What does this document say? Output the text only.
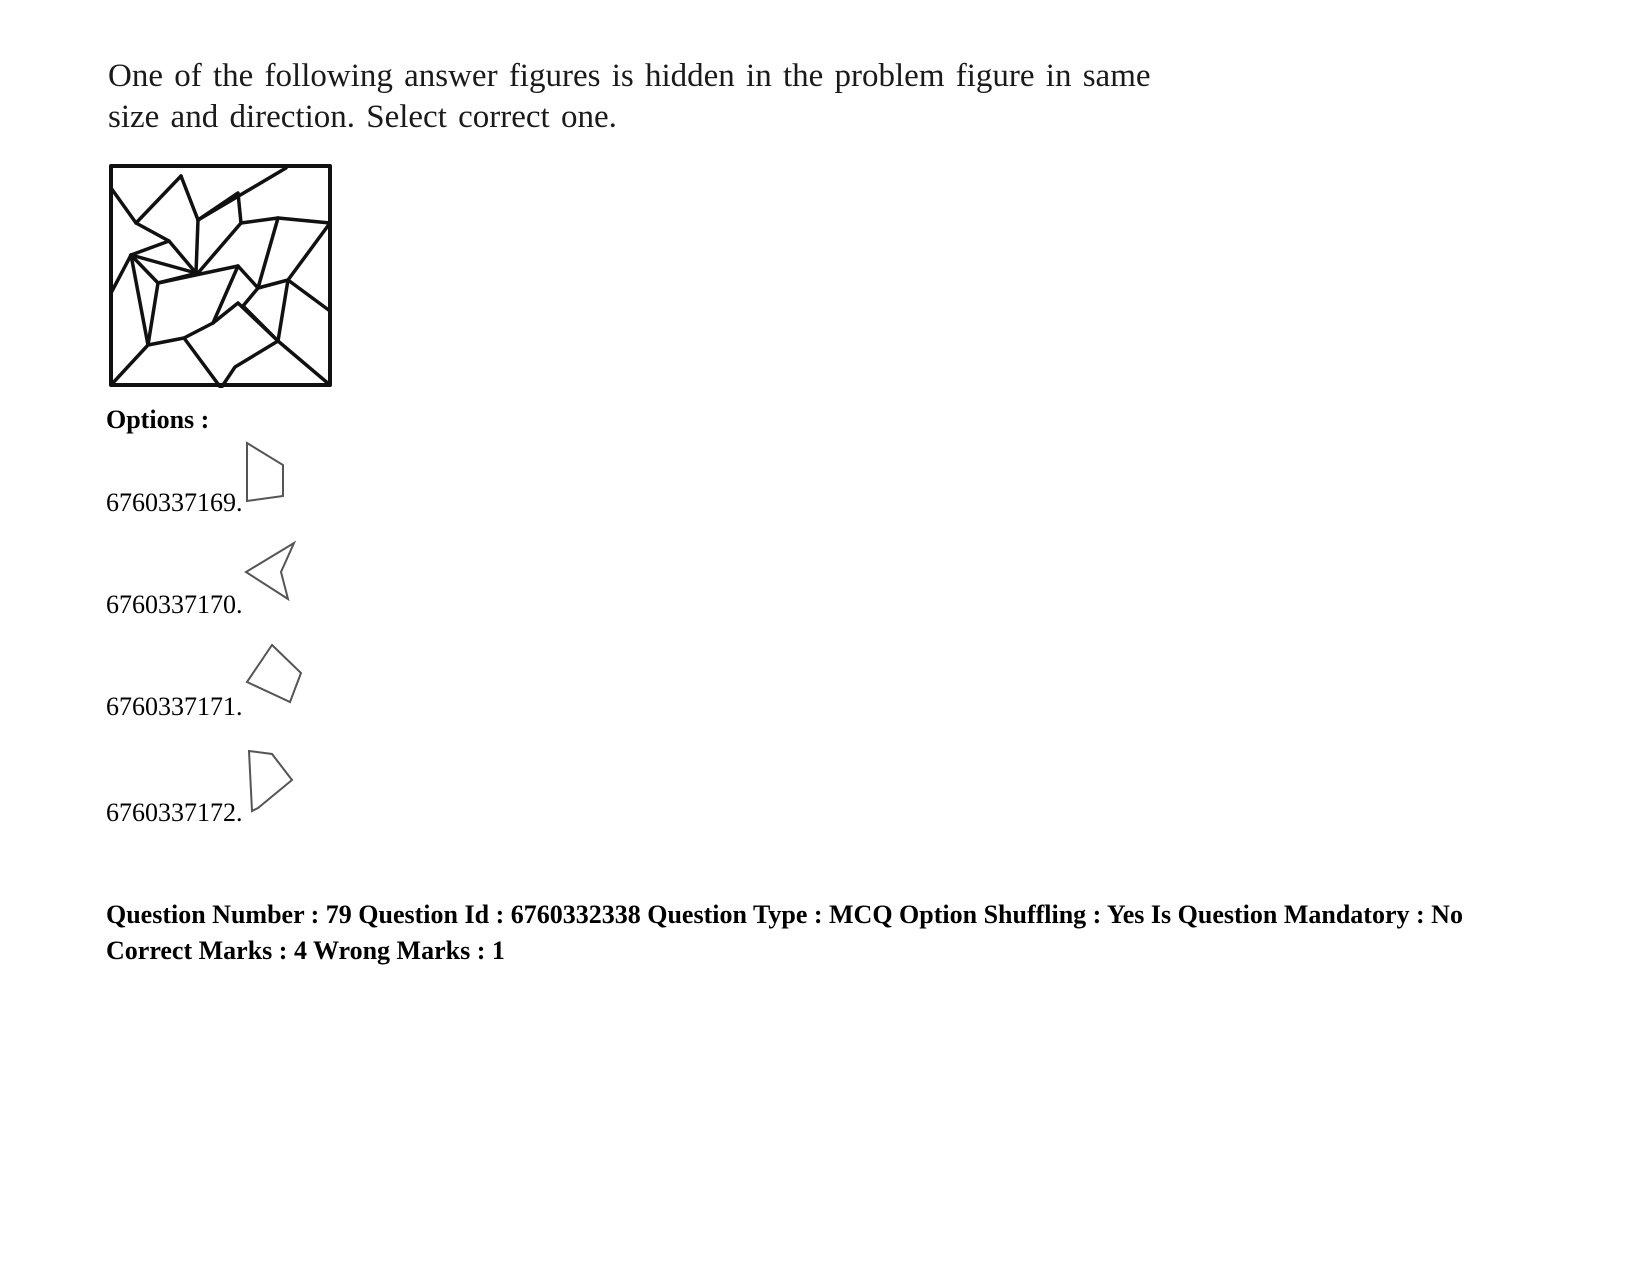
One of the following answer figures is hidden in the problem figure in same
size and direction. Select correct one.
Options :
6760337169.
6760337170.
6760337171.
6760337172.
Question Number : 79 Question Id : 6760332338 Question Type : MCQ Option Shuffling : Yes Is Question Mandatory : No
Correct Marks : 4 Wrong Marks : 1
